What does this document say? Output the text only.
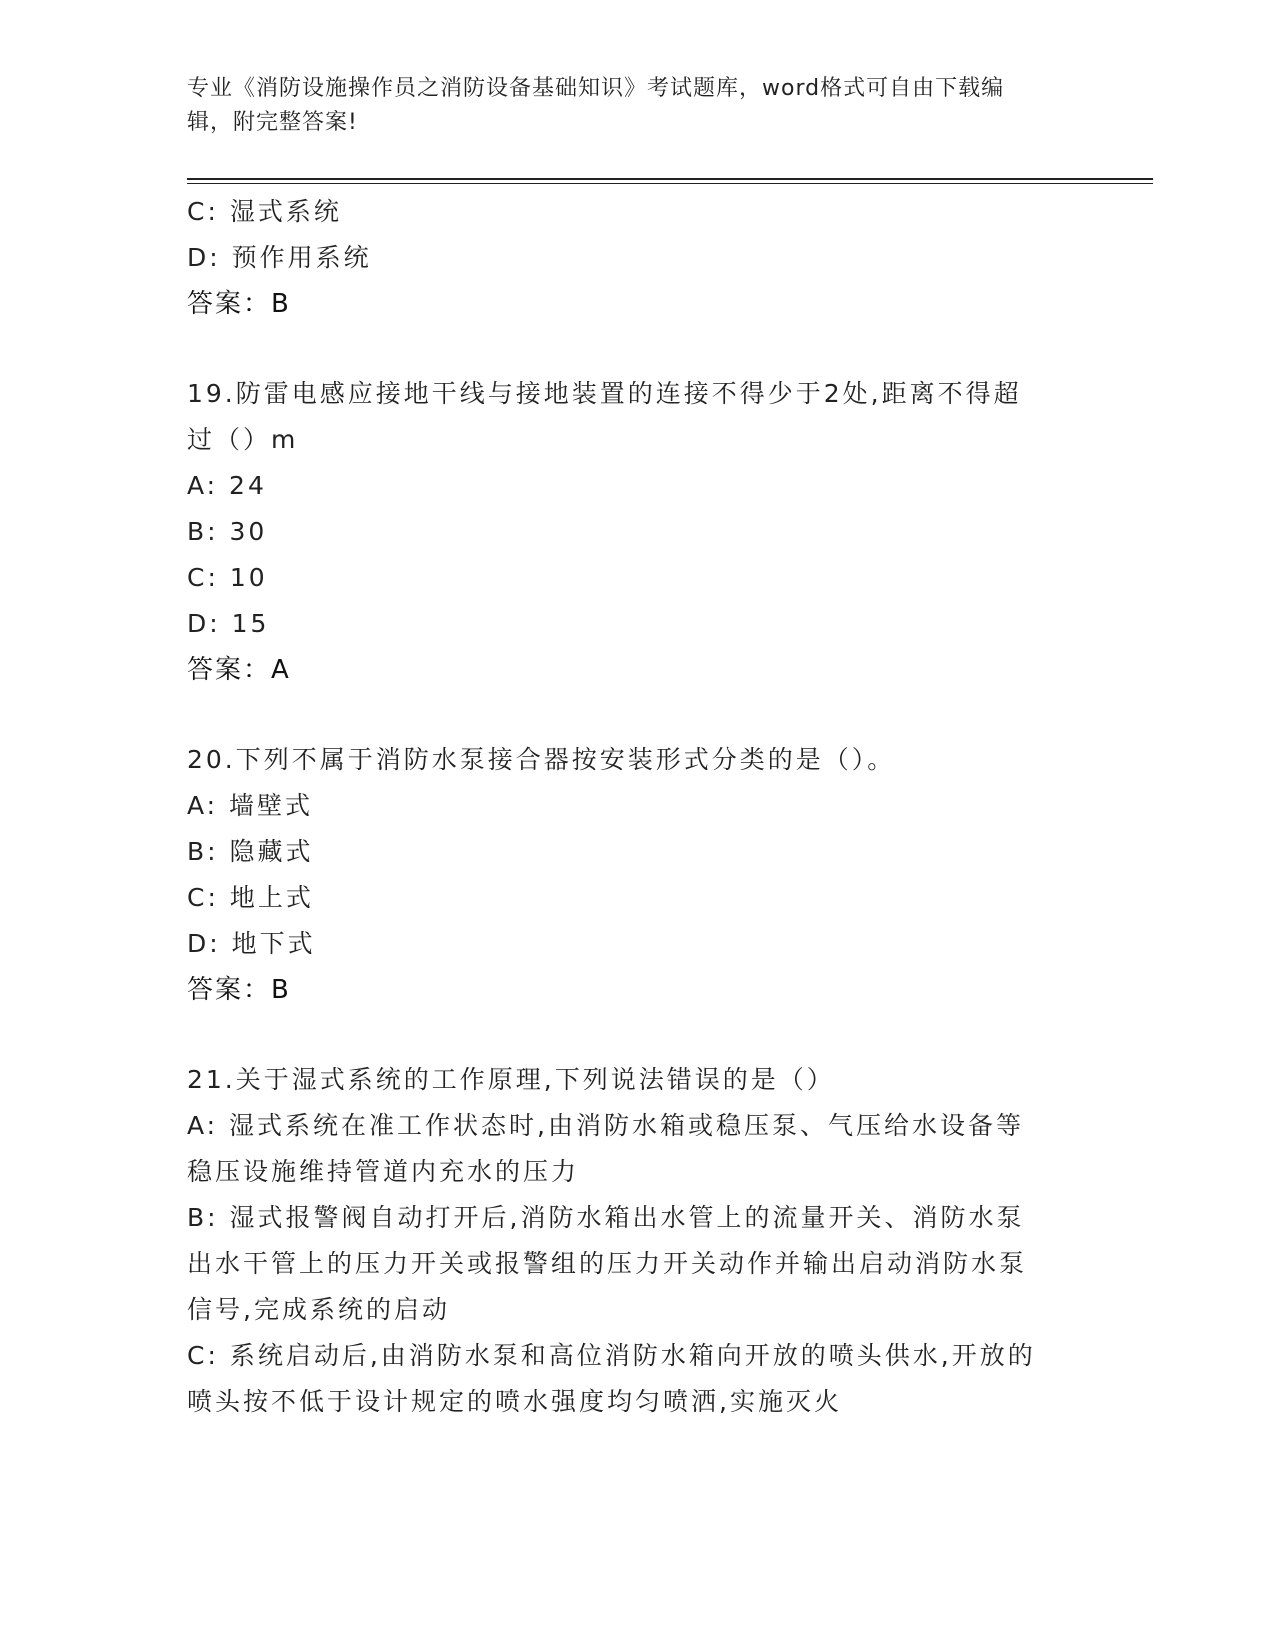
专业《消防设施操作员之消防设备基础知识》考试题库，word格式可自由下载编
辑，附完整答案!
C: 湿式系统
D: 预作用系统
答案：B
19.防雷电感应接地干线与接地装置的连接不得少于2处,距离不得超
过（）m
A: 24
B: 30
C: 10
D: 15
答案：A
20.下列不属于消防水泵接合器按安装形式分类的是（）。
A: 墙壁式
B: 隐藏式
C: 地上式
D: 地下式
答案：B
21.关于湿式系统的工作原理,下列说法错误的是（）
A: 湿式系统在准工作状态时,由消防水箱或稳压泵、气压给水设备等
稳压设施维持管道内充水的压力
B: 湿式报警阀自动打开后,消防水箱出水管上的流量开关、消防水泵
出水干管上的压力开关或报警组的压力开关动作并输出启动消防水泵
信号,完成系统的启动
C: 系统启动后,由消防水泵和高位消防水箱向开放的喷头供水,开放的
喷头按不低于设计规定的喷水强度均匀喷洒,实施灭火
